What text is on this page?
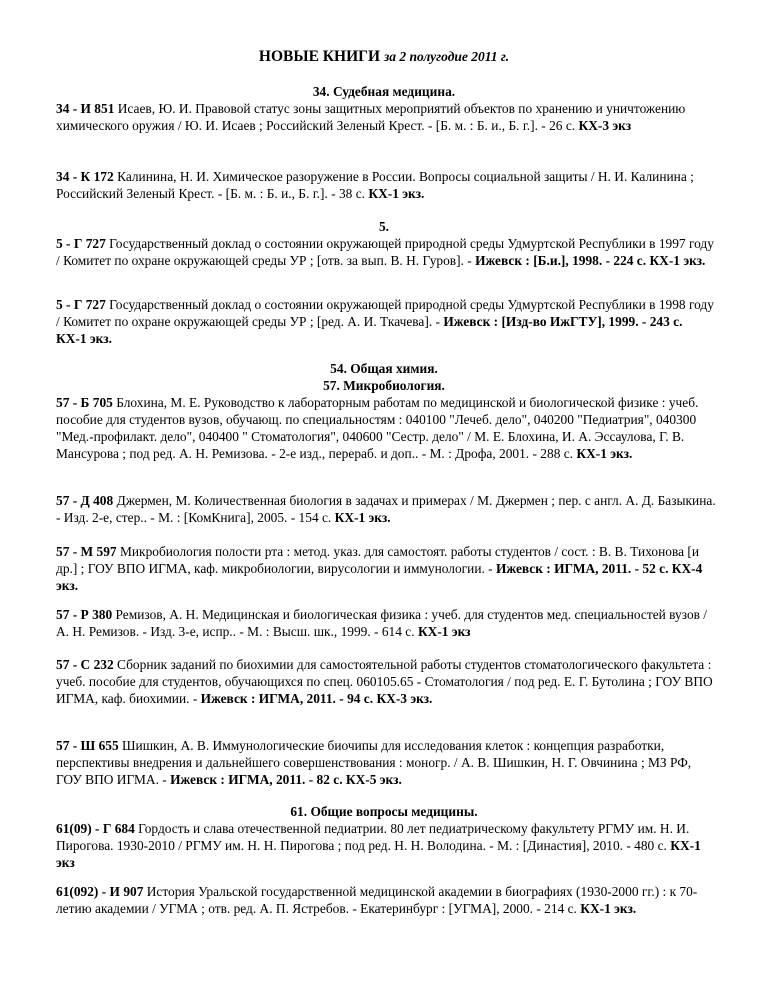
НОВЫЕ КНИГИ за 2 полугодие 2011 г.
34. Судебная медицина.
34 - И 851 Исаев, Ю. И. Правовой статус зоны защитных мероприятий объектов по хранению и уничтожению химического оружия / Ю. И. Исаев ; Российский Зеленый Крест. - [Б. м. : Б. и., Б. г.]. - 26 с. КХ-3 экз
34 - К 172 Калинина, Н. И. Химическое разоружение в России. Вопросы социальной защиты / Н. И. Калинина ; Российский Зеленый Крест. - [Б. м. : Б. и., Б. г.]. - 38 с. КХ-1 экз.
5.
5 - Г 727 Государственный доклад о состоянии окружающей природной среды Удмуртской Республики в 1997 году / Комитет по охране окружающей среды УР ; [отв. за вып. В. Н. Гуров]. - Ижевск : [Б.и.], 1998. - 224 с. КХ-1 экз.
5 - Г 727 Государственный доклад о состоянии окружающей природной среды Удмуртской Республики в 1998 году / Комитет по охране окружающей среды УР ; [ред. А. И. Ткачева]. - Ижевск : [Изд-во ИжГТУ], 1999. - 243 с. КХ-1 экз.
54. Общая химия.
57. Микробиология.
57 - Б 705 Блохина, М. Е. Руководство к лабораторным работам по медицинской и биологической физике : учеб. пособие для студентов вузов, обучающ. по специальностям : 040100 "Лечеб. дело", 040200 "Педиатрия", 040300 "Мед.-профилакт. дело", 040400 " Стоматология", 040600 "Сестр. дело" / М. Е. Блохина, И. А. Эссаулова, Г. В. Мансурова ; под ред. А. Н. Ремизова. - 2-е изд., перераб. и доп.. - М. : Дрофа, 2001. - 288 с. КХ-1 экз.
57 - Д 408 Джермен, М. Количественная биология в задачах и примерах / М. Джермен ; пер. с англ. А. Д. Базыкина. - Изд. 2-е, стер.. - М. : [КомКнига], 2005. - 154 с. КХ-1 экз.
57 - М 597 Микробиология полости рта : метод. указ. для самостоят. работы студентов / сост. : В. В. Тихонова [и др.] ; ГОУ ВПО ИГМА, каф. микробиологии, вирусологии и иммунологии. - Ижевск : ИГМА, 2011. - 52 с. КХ-4 экз.
57 - Р 380 Ремизов, А. Н. Медицинская и биологическая физика : учеб. для студентов мед. специальностей вузов / А. Н. Ремизов. - Изд. 3-е, испр.. - М. : Высш. шк., 1999. - 614 с. КХ-1 экз
57 - С 232 Сборник заданий по биохимии для самостоятельной работы студентов стоматологического факультета : учеб. пособие для студентов, обучающихся по спец. 060105.65 - Стоматология / под ред. Е. Г. Бутолина ; ГОУ ВПО ИГМА, каф. биохимии. - Ижевск : ИГМА, 2011. - 94 с. КХ-3 экз.
57 - Ш 655 Шишкин, А. В. Иммунологические биочипы для исследования клеток : концепция разработки, перспективы внедрения и дальнейшего совершенствования : моногр. / А. В. Шишкин, Н. Г. Овчинина ; МЗ РФ, ГОУ ВПО ИГМА. - Ижевск : ИГМА, 2011. - 82 с. КХ-5 экз.
61. Общие вопросы медицины.
61(09) - Г 684 Гордость и слава отечественной педиатрии. 80 лет педиатрическому факультету РГМУ им. Н. И. Пирогова. 1930-2010 / РГМУ им. Н. Н. Пирогова ; под ред. Н. Н. Володина. - М. : [Династия], 2010. - 480 с. КХ-1 экз
61(092) - И 907 История Уральской государственной медицинской академии в биографиях (1930-2000 гг.) : к 70-летию академии / УГМА ; отв. ред. А. П. Ястребов. - Екатеринбург : [УГМА], 2000. - 214 с. КХ-1 экз.
